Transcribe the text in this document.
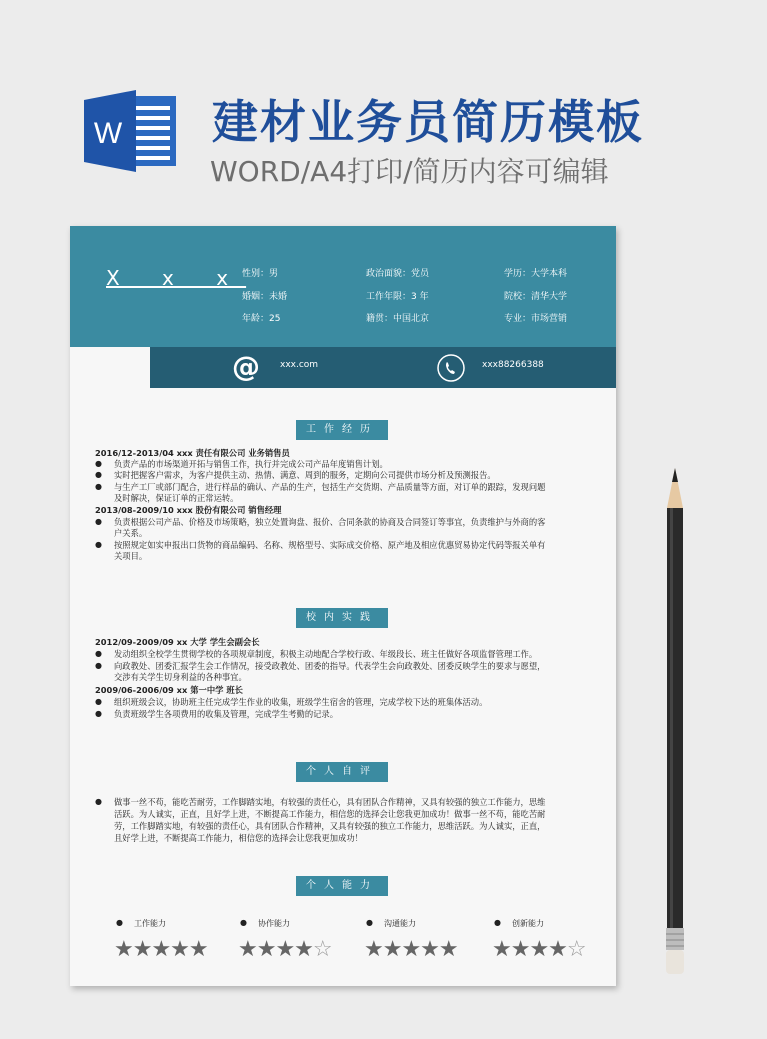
W 建材业务员简历模板
WORD/A4打印/简历内容可编辑
X x x
性别：男
婚姻：未婚
年龄：25
政治面貌：党员
工作年限：3 年
籍贯：中国北京
学历：大学本科
院校：清华大学
专业：市场营销
@ xxx.com	xxx88266388
工作经历
2016/12-2013/04 xxx 责任有限公司 业务销售员
● 负责产品的市场渠道开拓与销售工作，执行并完成公司产品年度销售计划。
● 实时把握客户需求，为客户提供主动、热情、满意、周到的服务，定期向公司提供市场分析及预测报告。
● 与生产工厂或部门配合，进行样品的确认、产品的生产，包括生产交货期、产品质量等方面，对订单的跟踪，发现问题
及时解决，保证订单的正常运转。
2013/08-2009/10 xxx 股份有限公司 销售经理
● 负责根据公司产品、价格及市场策略，独立处置询盘、报价、合同条款的协商及合同签订等事宜，负责维护与外商的客
户关系。
● 按照规定如实申报出口货物的商品编码、名称、规格型号、实际成交价格、原产地及相应优惠贸易协定代码等报关单有
关项目。
校内实践
2012/09-2009/09 xx 大学 学生会副会长
● 发动组织全校学生贯彻学校的各项规章制度，积极主动地配合学校行政、年级段长、班主任做好各项监督管理工作。
● 向政教处、团委汇报学生会工作情况，接受政教处、团委的指导。代表学生会向政教处、团委反映学生的要求与愿望，
交涉有关学生切身利益的各种事宜。
2009/06-2006/09 xx 第一中学 班长
● 组织班级会议，协助班主任完成学生作业的收集，班级学生宿舍的管理，完成学校下达的班集体活动。
● 负责班级学生各项费用的收集及管理，完成学生考勤的记录。
个人自评
● 做事一丝不苟，能吃苦耐劳，工作脚踏实地，有较强的责任心，具有团队合作精神，又具有较强的独立工作能力，思维
活跃。为人诚实，正直，且好学上进，不断提高工作能力，相信您的选择会让您我更加成功！做事一丝不苟，能吃苦耐
劳，工作脚踏实地，有较强的责任心，具有团队合作精神，又具有较强的独立工作能力，思维活跃。为人诚实，正直，
且好学上进，不断提高工作能力，相信您的选择会让您我更加成功！
个人能力
● 工作能力
★★★★★
● 协作能力
★★★★☆
● 沟通能力
★★★★★
● 创新能力
★★★★☆
